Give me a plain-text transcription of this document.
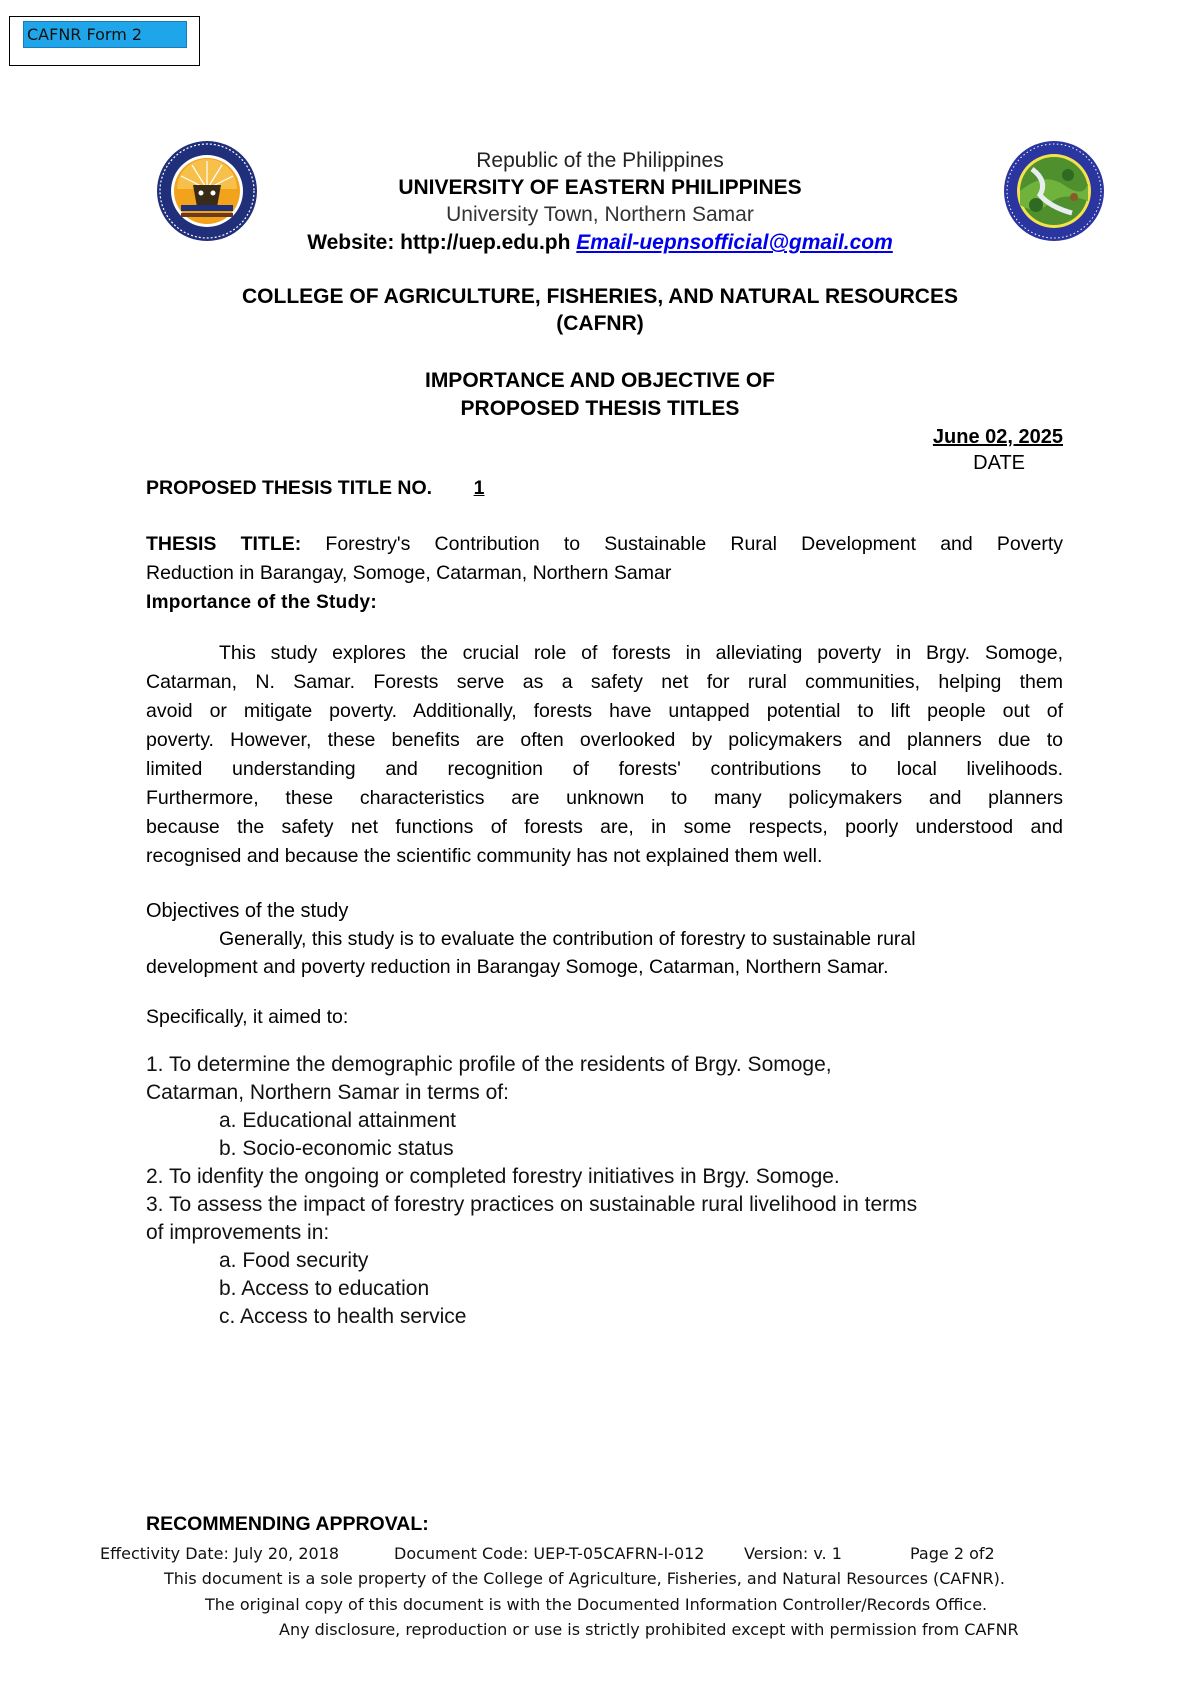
CAFNR Form 2
Republic of the Philippines
UNIVERSITY OF EASTERN PHILIPPINES
University Town, Northern Samar
Website: http://uep.edu.ph Email-uepnsofficial@gmail.com
COLLEGE OF AGRICULTURE, FISHERIES, AND NATURAL RESOURCES
(CAFNR)
IMPORTANCE AND OBJECTIVE OF
PROPOSED THESIS TITLES
June 02, 2025
DATE
PROPOSED THESIS TITLE NO. 1
THESIS TITLE: Forestry's Contribution to Sustainable Rural Development and Poverty
Reduction in Barangay, Somoge, Catarman, Northern Samar
Importance of the Study:
This study explores the crucial role of forests in alleviating poverty in Brgy. Somoge,
Catarman, N. Samar. Forests serve as a safety net for rural communities, helping them
avoid or mitigate poverty. Additionally, forests have untapped potential to lift people out of
poverty. However, these benefits are often overlooked by policymakers and planners due to
limited understanding and recognition of forests' contributions to local livelihoods.
Furthermore, these characteristics are unknown to many policymakers and planners
because the safety net functions of forests are, in some respects, poorly understood and
recognised and because the scientific community has not explained them well.
Objectives of the study
Generally, this study is to evaluate the contribution of forestry to sustainable rural
development and poverty reduction in Barangay Somoge, Catarman, Northern Samar.
Specifically, it aimed to:
1. To determine the demographic profile of the residents of Brgy. Somoge,
Catarman, Northern Samar in terms of:
a. Educational attainment
b. Socio-economic status
2. To idenfity the ongoing or completed forestry initiatives in Brgy. Somoge.
3. To assess the impact of forestry practices on sustainable rural livelihood in terms
of improvements in:
a. Food security
b. Access to education
c. Access to health service
RECOMMENDING APPROVAL:
Effectivity Date: July 20, 2018	Document Code: UEP-T-05CAFRN-I-012 Version: v. 1	Page 2 of2
This document is a sole property of the College of Agriculture, Fisheries, and Natural Resources (CAFNR).
The original copy of this document is with the Documented Information Controller/Records Office.
Any disclosure, reproduction or use is strictly prohibited except with permission from CAFNR
